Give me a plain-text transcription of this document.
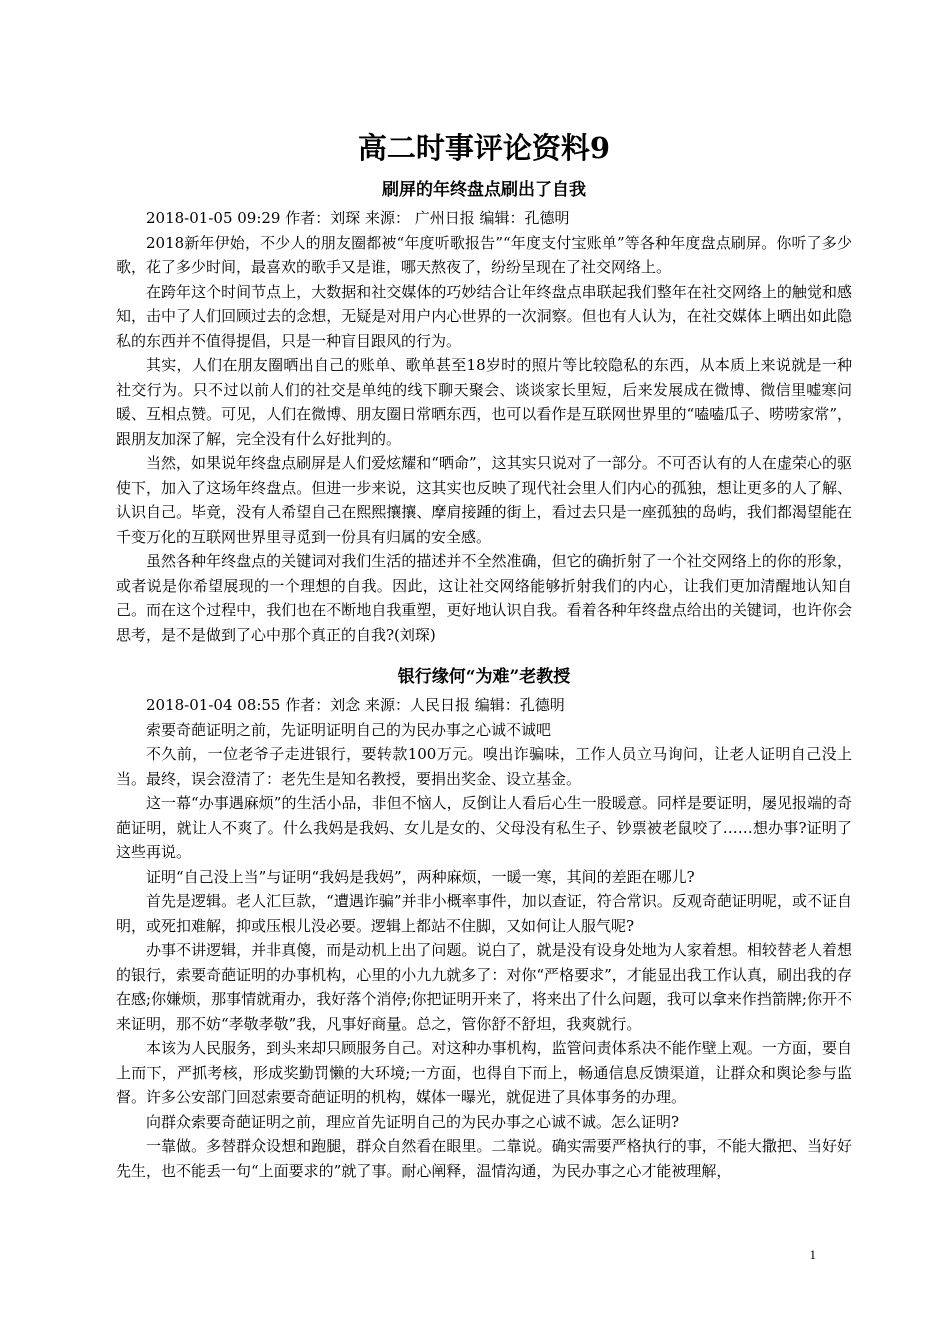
高二时事评论资料9
刷屏的年终盘点刷出了自我

2018-01-05 09:29 作者：刘琛 来源： 广州日报 编辑：孔德明

2018新年伊始，不少人的朋友圈都被“年度听歌报告”“年度支付宝账单”等各种年度盘点刷屏。你听了多少歌，花了多少时间，最喜欢的歌手又是谁，哪天熬夜了，纷纷呈现在了社交网络上。

在跨年这个时间节点上，大数据和社交媒体的巧妙结合让年终盘点串联起我们整年在社交网络上的触觉和感知，击中了人们回顾过去的念想，无疑是对用户内心世界的一次洞察。但也有人认为，在社交媒体上晒出如此隐私的东西并不值得提倡，只是一种盲目跟风的行为。

其实，人们在朋友圈晒出自己的账单、歌单甚至18岁时的照片等比较隐私的东西，从本质上来说就是一种社交行为。只不过以前人们的社交是单纯的线下聊天聚会、谈谈家长里短，后来发展成在微博、微信里嘘寒问暖、互相点赞。可见，人们在微博、朋友圈日常晒东西，也可以看作是互联网世界里的“嗑嗑瓜子、唠唠家常”，跟朋友加深了解，完全没有什么好批判的。

当然，如果说年终盘点刷屏是人们爱炫耀和“晒命”，这其实只说对了一部分。不可否认有的人在虚荣心的驱使下，加入了这场年终盘点。但进一步来说，这其实也反映了现代社会里人们内心的孤独，想让更多的人了解、认识自己。毕竟，没有人希望自己在熙熙攘攘、摩肩接踵的街上，看过去只是一座孤独的岛屿，我们都渴望能在千变万化的互联网世界里寻觅到一份具有归属的安全感。

虽然各种年终盘点的关键词对我们生活的描述并不全然准确，但它的确折射了一个社交网络上的你的形象，或者说是你希望展现的一个理想的自我。因此，这让社交网络能够折射我们的内心，让我们更加清醒地认知自己。而在这个过程中，我们也在不断地自我重塑，更好地认识自我。看着各种年终盘点给出的关键词，也许你会思考，是不是做到了心中那个真正的自我?(刘琛)

银行缘何“为难”老教授

2018-01-04 08:55 作者：刘念 来源：人民日报 编辑：孔德明

索要奇葩证明之前，先证明证明自己的为民办事之心诚不诚吧

不久前，一位老爷子走进银行，要转款100万元。嗅出诈骗味，工作人员立马询问，让老人证明自己没上当。最终，误会澄清了：老先生是知名教授，要捐出奖金、设立基金。

这一幕“办事遇麻烦”的生活小品，非但不恼人，反倒让人看后心生一股暖意。同样是要证明，屡见报端的奇葩证明，就让人不爽了。什么我妈是我妈、女儿是女的、父母没有私生子、钞票被老鼠咬了……想办事?证明了这些再说。

证明“自己没上当”与证明“我妈是我妈”，两种麻烦，一暖一寒，其间的差距在哪儿?

首先是逻辑。老人汇巨款，“遭遇诈骗”并非小概率事件，加以查证，符合常识。反观奇葩证明呢，或不证自明，或死扣难解，抑或压根儿没必要。逻辑上都站不住脚，又如何让人服气呢?

办事不讲逻辑，并非真傻，而是动机上出了问题。说白了，就是没有设身处地为人家着想。相较替老人着想的银行，索要奇葩证明的办事机构，心里的小九九就多了：对你“严格要求”，才能显出我工作认真，刷出我的存在感;你嫌烦，那事情就甭办，我好落个消停;你把证明开来了，将来出了什么问题，我可以拿来作挡箭牌;你开不来证明，那不妨“孝敬孝敬”我，凡事好商量。总之，管你舒不舒坦，我爽就行。

本该为人民服务，到头来却只顾服务自己。对这种办事机构，监管问责体系决不能作壁上观。一方面，要自上而下，严抓考核，形成奖勤罚懒的大环境;一方面，也得自下而上，畅通信息反馈渠道，让群众和舆论参与监督。许多公安部门回怼索要奇葩证明的机构，媒体一曝光，就促进了具体事务的办理。

向群众索要奇葩证明之前，理应首先证明自己的为民办事之心诚不诚。怎么证明?

一靠做。多替群众设想和跑腿，群众自然看在眼里。二靠说。确实需要严格执行的事，不能大撒把、当好好先生，也不能丢一句“上面要求的”就了事。耐心阐释，温情沟通，为民办事之心才能被理解，

1
